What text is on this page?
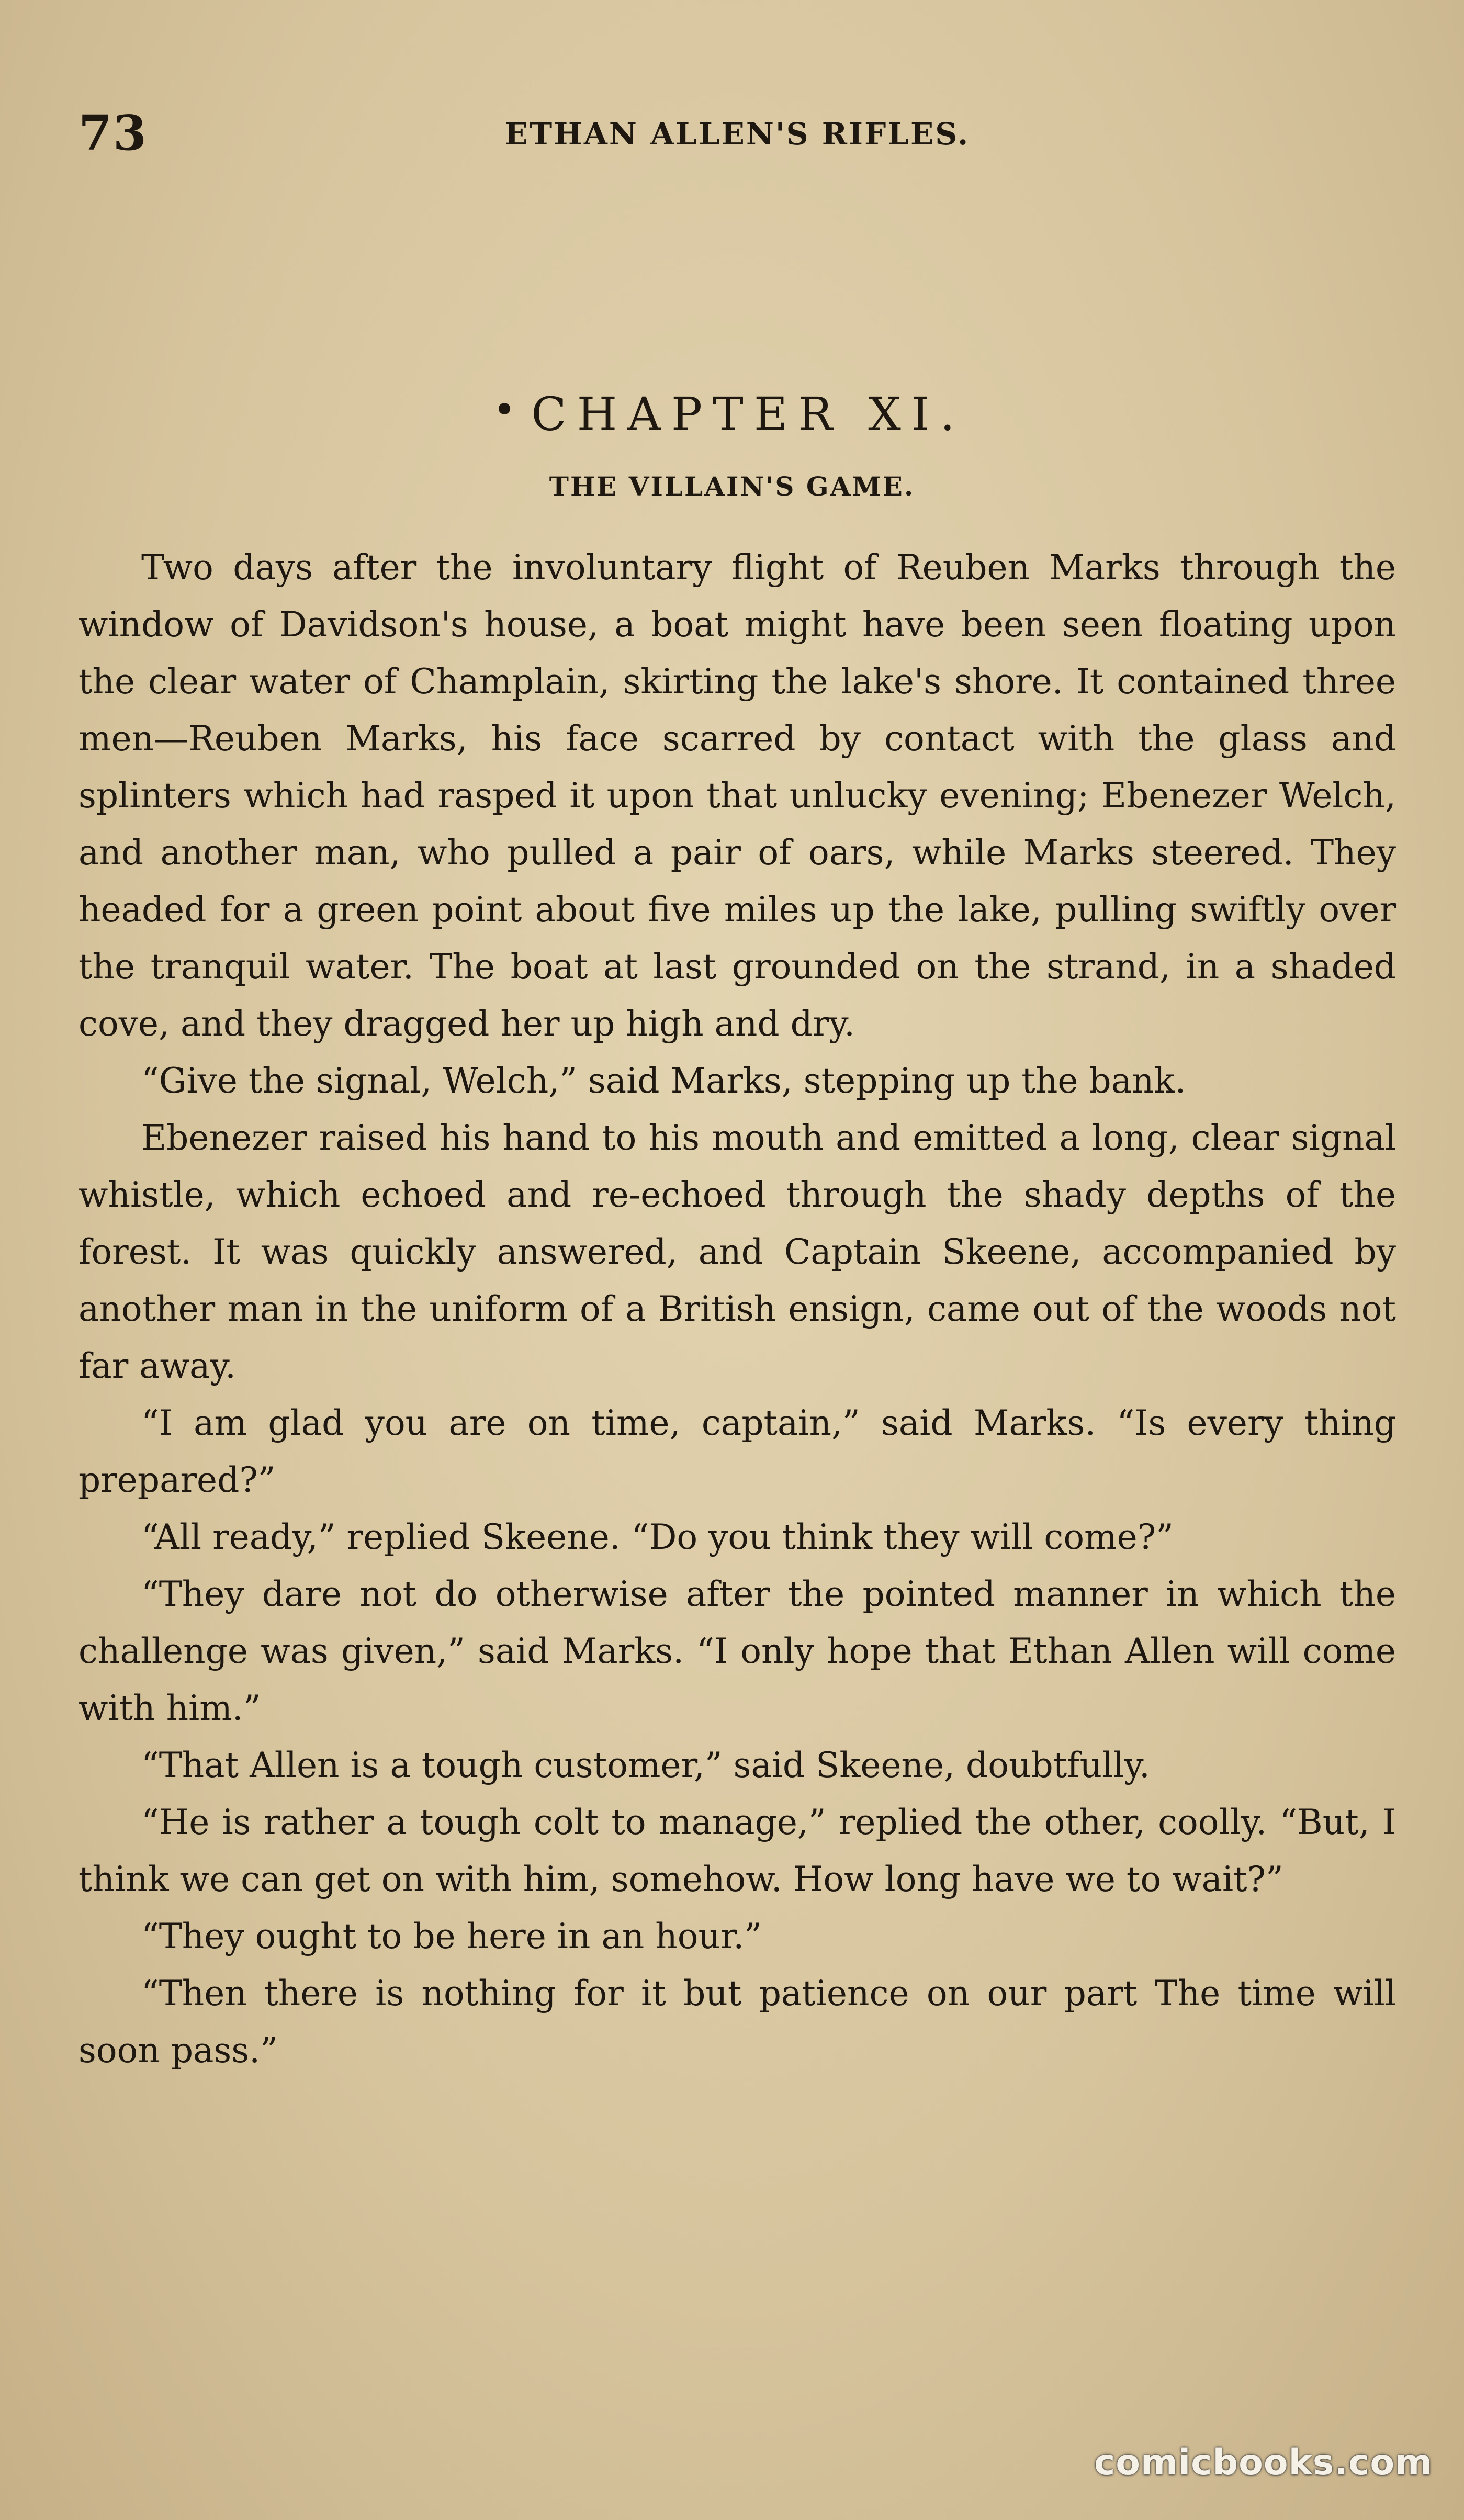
73	ETHAN ALLEN'S RIFLES.
CHAPTER XI.
THE VILLAIN'S GAME.

Two days after the involuntary flight of Reuben Marks through the window of Davidson's house, a boat might have been seen floating upon the clear water of Champlain, skirting the lake's shore. It contained three men—Reuben Marks, his face scarred by contact with the glass and splinters which had rasped it upon that unlucky evening; Ebenezer Welch, and another man, who pulled a pair of oars, while Marks steered. They headed for a green point about five miles up the lake, pulling swiftly over the tranquil water. The boat at last grounded on the strand, in a shaded cove, and they dragged her up high and dry.

“Give the signal, Welch,” said Marks, stepping up the bank.

Ebenezer raised his hand to his mouth and emitted a long, clear signal whistle, which echoed and re-echoed through the shady depths of the forest. It was quickly answered, and Captain Skeene, accompanied by another man in the uniform of a British ensign, came out of the woods not far away.

“I am glad you are on time, captain,” said Marks. “Is every thing prepared?”

“All ready,” replied Skeene. “Do you think they will come?”

“They dare not do otherwise after the pointed manner in which the challenge was given,” said Marks. “I only hope that Ethan Allen will come with him.”

“That Allen is a tough customer,” said Skeene, doubtfully.

“He is rather a tough colt to manage,” replied the other, coolly. “But, I think we can get on with him, somehow. How long have we to wait?”

“They ought to be here in an hour.”

“Then there is nothing for it but patience on our part The time will soon pass.”

comicbooks.com
